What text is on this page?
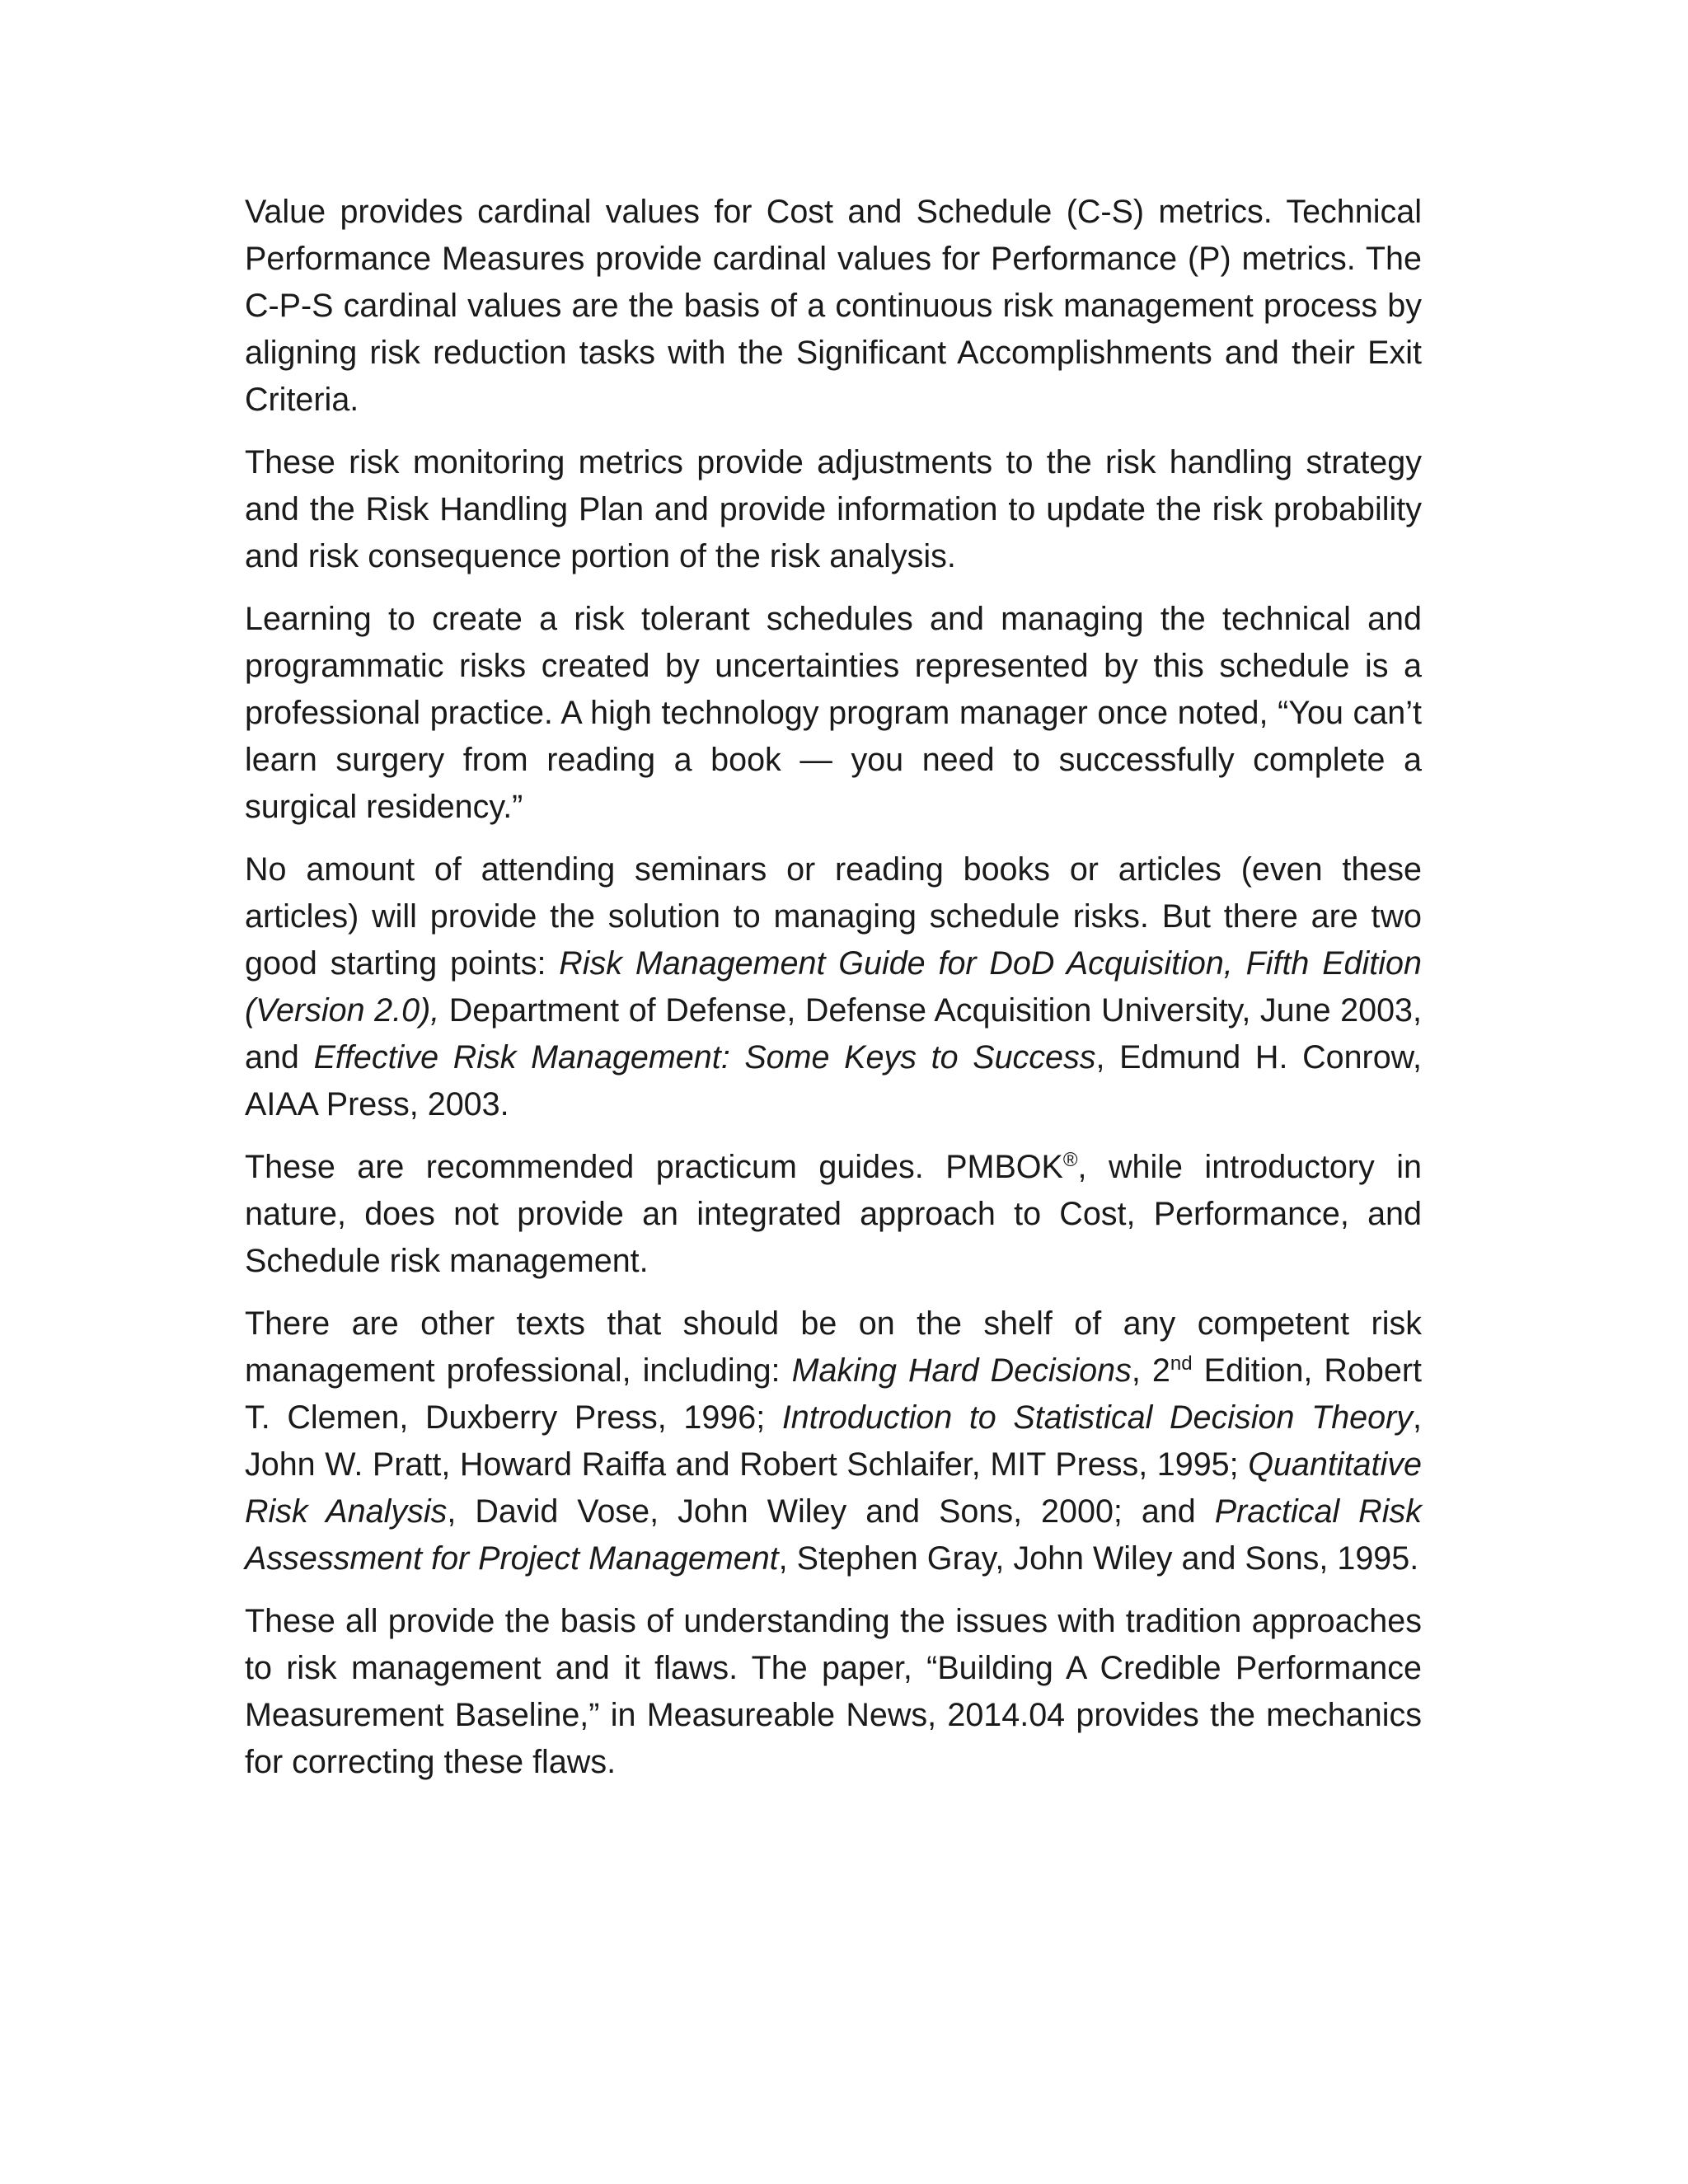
Value provides cardinal values for Cost and Schedule (C-S) metrics. Technical Performance Measures provide cardinal values for Performance (P) metrics. The C-P-S cardinal values are the basis of a continuous risk management process by aligning risk reduction tasks with the Significant Accomplishments and their Exit Criteria.

These risk monitoring metrics provide adjustments to the risk handling strategy and the Risk Handling Plan and provide information to update the risk probability and risk consequence portion of the risk analysis.

Learning to create a risk tolerant schedules and managing the technical and programmatic risks created by uncertainties represented by this schedule is a professional practice. A high technology program manager once noted, “You can’t learn surgery from reading a book — you need to successfully complete a surgical residency.”

No amount of attending seminars or reading books or articles (even these articles) will provide the solution to managing schedule risks. But there are two good starting points: Risk Management Guide for DoD Acquisition, Fifth Edition (Version 2.0), Department of Defense, Defense Acquisition University, June 2003, and Effective Risk Management: Some Keys to Success, Edmund H. Conrow, AIAA Press, 2003.

These are recommended practicum guides. PMBOK®, while introductory in nature, does not provide an integrated approach to Cost, Performance, and Schedule risk management.

There are other texts that should be on the shelf of any competent risk management professional, including: Making Hard Decisions, 2nd Edition, Robert T. Clemen, Duxberry Press, 1996; Introduction to Statistical Decision Theory, John W. Pratt, Howard Raiffa and Robert Schlaifer, MIT Press, 1995; Quantitative Risk Analysis, David Vose, John Wiley and Sons, 2000; and Practical Risk Assessment for Project Management, Stephen Gray, John Wiley and Sons, 1995.

These all provide the basis of understanding the issues with tradition approaches to risk management and it flaws. The paper, “Building A Credible Performance Measurement Baseline,” in Measureable News, 2014.04 provides the mechanics for correcting these flaws.
